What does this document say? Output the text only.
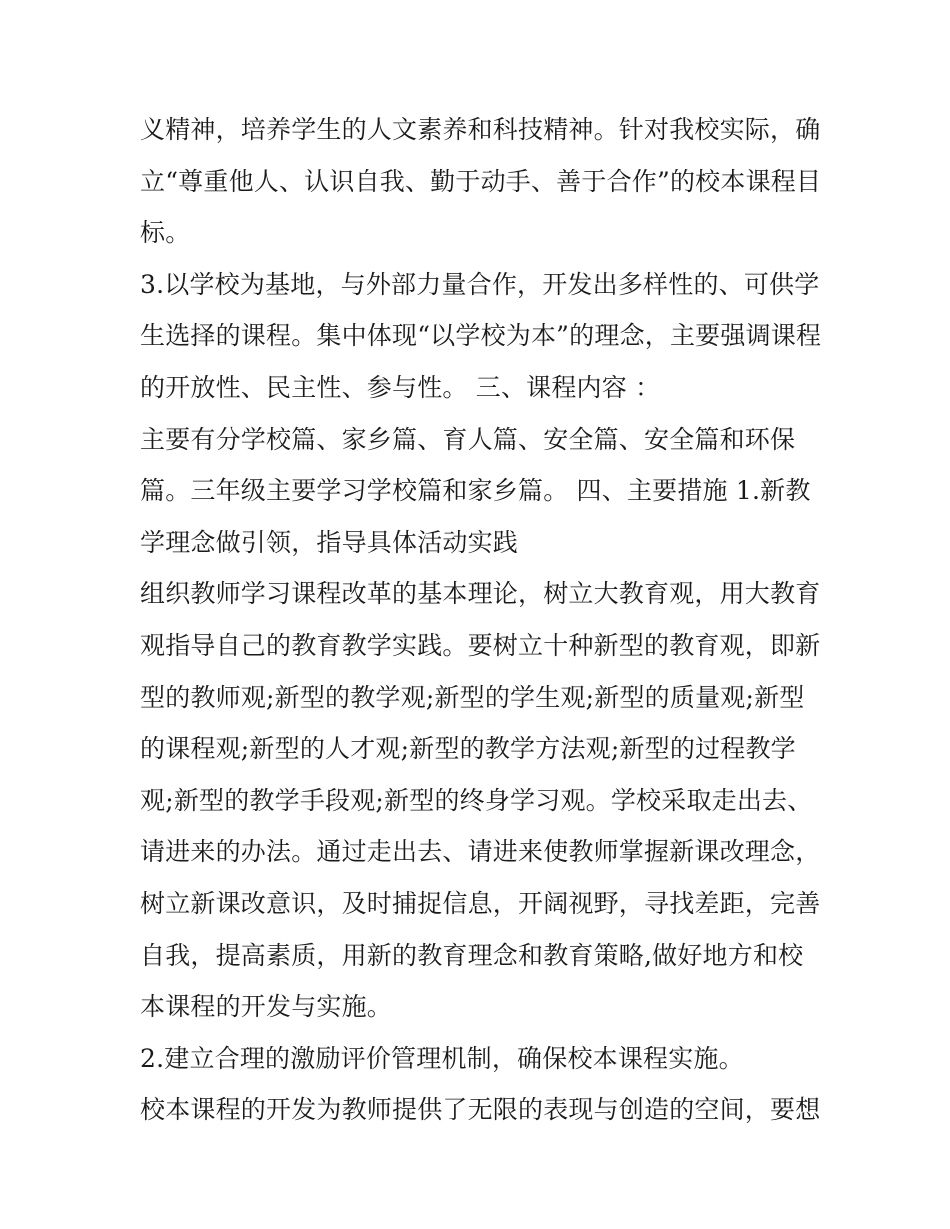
义精神，培养学生的人文素养和科技精神。针对我校实际，确
立“尊重他人、认识自我、勤于动手、善于合作”的校本课程目
标。
3.以学校为基地，与外部力量合作，开发出多样性的、可供学
生选择的课程。集中体现“以学校为本”的理念，主要强调课程
的开放性、民主性、参与性。 三、课程内容 ：
主要有分学校篇、家乡篇、育人篇、安全篇、安全篇和环保
篇。三年级主要学习学校篇和家乡篇。 四、主要措施 1.新教
学理念做引领，指导具体活动实践
组织教师学习课程改革的基本理论，树立大教育观，用大教育
观指导自己的教育教学实践。要树立十种新型的教育观，即新
型的教师观;新型的教学观;新型的学生观;新型的质量观;新型
的课程观;新型的人才观;新型的教学方法观;新型的过程教学
观;新型的教学手段观;新型的终身学习观。学校采取走出去、
请进来的办法。通过走出去、请进来使教师掌握新课改理念，
树立新课改意识，及时捕捉信息，开阔视野，寻找差距，完善
自我，提高素质，用新的教育理念和教育策略,做好地方和校
本课程的开发与实施。
2.建立合理的激励评价管理机制，确保校本课程实施。
校本课程的开发为教师提供了无限的表现与创造的空间，要想
